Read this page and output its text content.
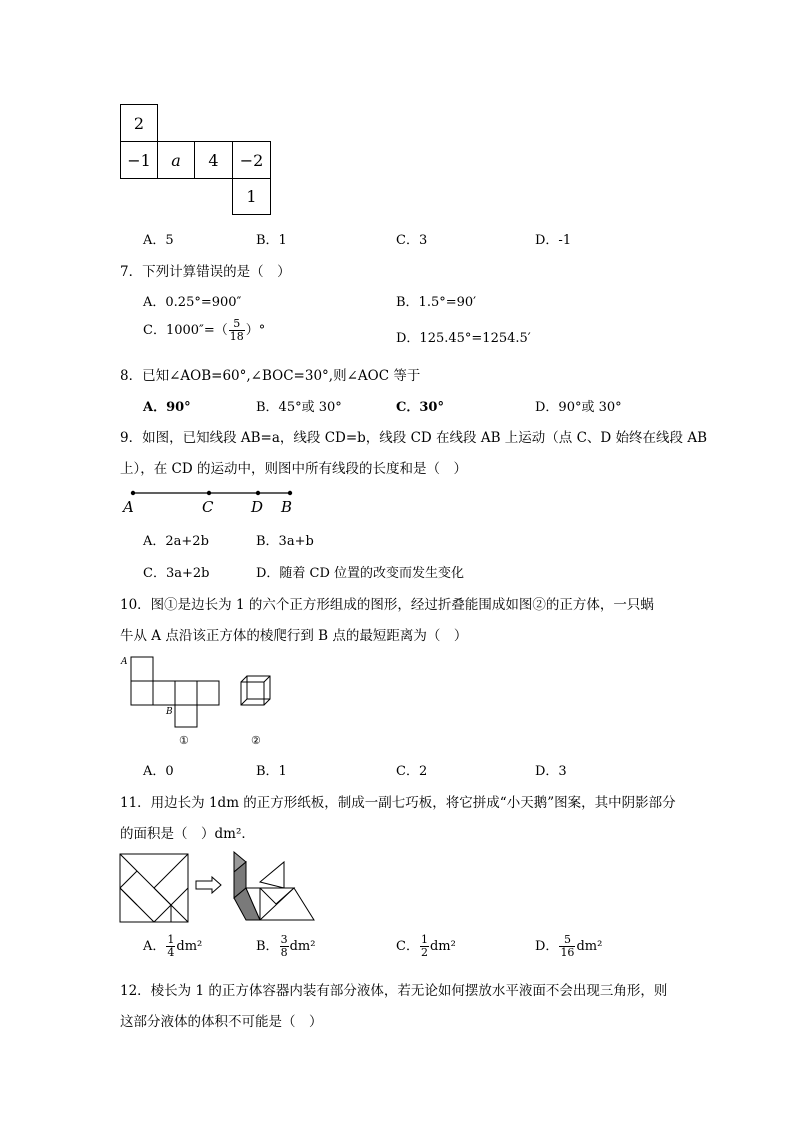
2
−1	a	4	−2
1
A．5	B．1	C．3	D．-1
7．下列计算错误的是（　）
A．0.25°=900″	B．1.5°=90′
C．$1000''=( \frac{5}{18}$ ）°
D．125.45°=1254.5′
8．已知∠AOB=60°,∠BOC=30°,则∠AOC 等于
A．90°	B．45°或 30°	C．30°	D．90°或 30°
9．如图，已知线段 AB=a，线段 CD=b，线段 CD 在线段 AB 上运动（点 C、D 始终在线段 AB
上），在 CD 的运动中，则图中所有线段的长度和是（　）
A	C	D B
A．2a+2b	B．3a+b
C．3a+2b	D．随着 CD 位置的改变而发生变化
10．图①是边长为 1 的六个正方形组成的图形，经过折叠能围成如图②的正方体，一只蜗
牛从 A 点沿该正方体的棱爬行到 B 点的最短距离为（　）
A
B
①	②
A．0	B．1	C．2	D．3
11．用边长为 1dm 的正方形纸板，制成一副七巧板，将它拼成“小天鹅”图案，其中阴影部分
的面积是（　）dm²．
A． $\frac{1}{4} dm^2$	B． $\frac{3}{8} dm^2$	C． $\frac{1}{2} dm^2$	D． $\frac{5}{16} dm^2$
12．棱长为 1 的正方体容器内装有部分液体，若无论如何摆放水平液面不会出现三角形，则
这部分液体的体积不可能是（　）
